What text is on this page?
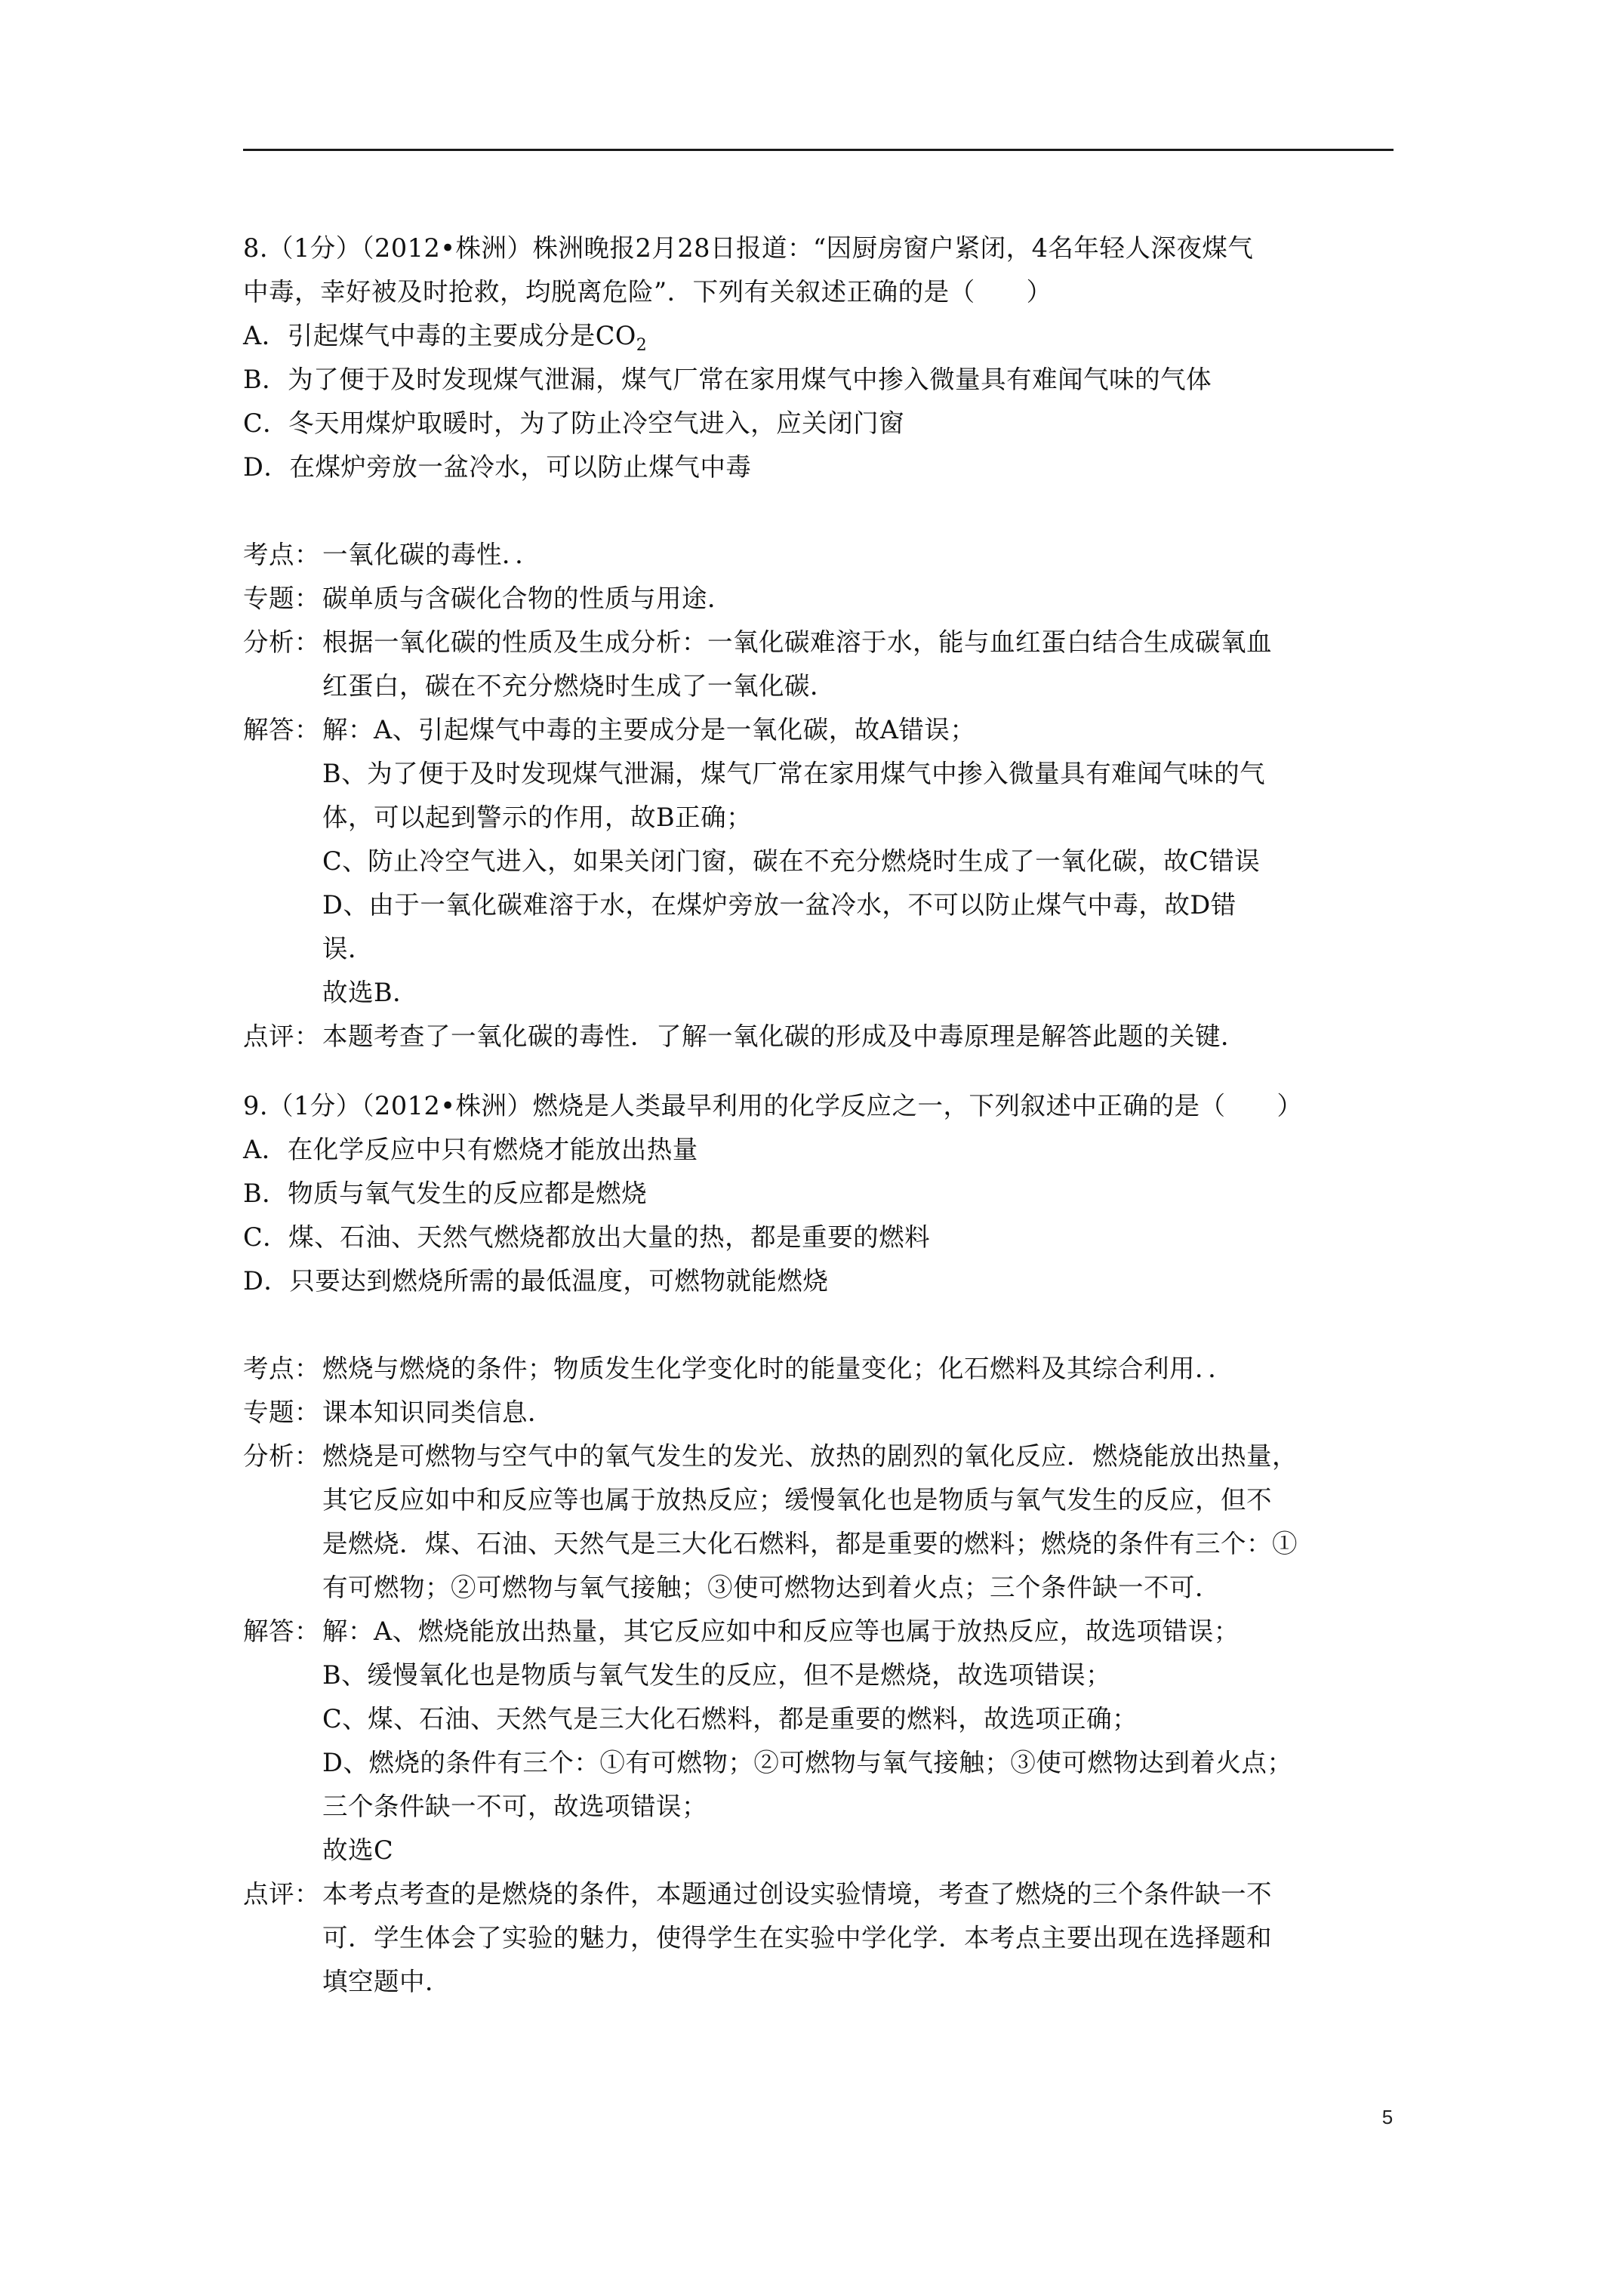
8.（1分）（2012•株洲）株洲晚报2月28日报道：“因厨房窗户紧闭，4名年轻人深夜煤气
中毒，幸好被及时抢救，均脱离危险”．下列有关叙述正确的是（　　）
A．引起煤气中毒的主要成分是$CO_2$
B．为了便于及时发现煤气泄漏，煤气厂常在家用煤气中掺入微量具有难闻气味的气体
C．冬天用煤炉取暖时，为了防止冷空气进入，应关闭门窗
D．在煤炉旁放一盆冷水，可以防止煤气中毒
考点：一氧化碳的毒性．．
专题：碳单质与含碳化合物的性质与用途．
分析：根据一氧化碳的性质及生成分析：一氧化碳难溶于水，能与血红蛋白结合生成碳氧血
红蛋白，碳在不充分燃烧时生成了一氧化碳．
解答：解：A、引起煤气中毒的主要成分是一氧化碳，故A错误；
B、为了便于及时发现煤气泄漏，煤气厂常在家用煤气中掺入微量具有难闻气味的气
体，可以起到警示的作用，故B正确；
C、防止冷空气进入，如果关闭门窗，碳在不充分燃烧时生成了一氧化碳，故C错误
D、由于一氧化碳难溶于水，在煤炉旁放一盆冷水，不可以防止煤气中毒，故D错
误．
故选B．
点评：本题考查了一氧化碳的毒性．了解一氧化碳的形成及中毒原理是解答此题的关键．
9.（1分）（2012•株洲）燃烧是人类最早利用的化学反应之一，下列叙述中正确的是（　　）
A．在化学反应中只有燃烧才能放出热量
B．物质与氧气发生的反应都是燃烧
C．煤、石油、天然气燃烧都放出大量的热，都是重要的燃料
D．只要达到燃烧所需的最低温度，可燃物就能燃烧
考点：燃烧与燃烧的条件；物质发生化学变化时的能量变化；化石燃料及其综合利用．．
专题：课本知识同类信息．
分析：燃烧是可燃物与空气中的氧气发生的发光、放热的剧烈的氧化反应．燃烧能放出热量，
其它反应如中和反应等也属于放热反应；缓慢氧化也是物质与氧气发生的反应，但不
是燃烧．煤、石油、天然气是三大化石燃料，都是重要的燃料；燃烧的条件有三个：①
有可燃物；②可燃物与氧气接触；③使可燃物达到着火点；三个条件缺一不可．
解答：解：A、燃烧能放出热量，其它反应如中和反应等也属于放热反应，故选项错误；
B、缓慢氧化也是物质与氧气发生的反应，但不是燃烧，故选项错误；
C、煤、石油、天然气是三大化石燃料，都是重要的燃料，故选项正确；
D、燃烧的条件有三个：①有可燃物；②可燃物与氧气接触；③使可燃物达到着火点；
三个条件缺一不可，故选项错误；
故选C
点评：本考点考查的是燃烧的条件，本题通过创设实验情境，考查了燃烧的三个条件缺一不
可．学生体会了实验的魅力，使得学生在实验中学化学．本考点主要出现在选择题和
填空题中．
5
